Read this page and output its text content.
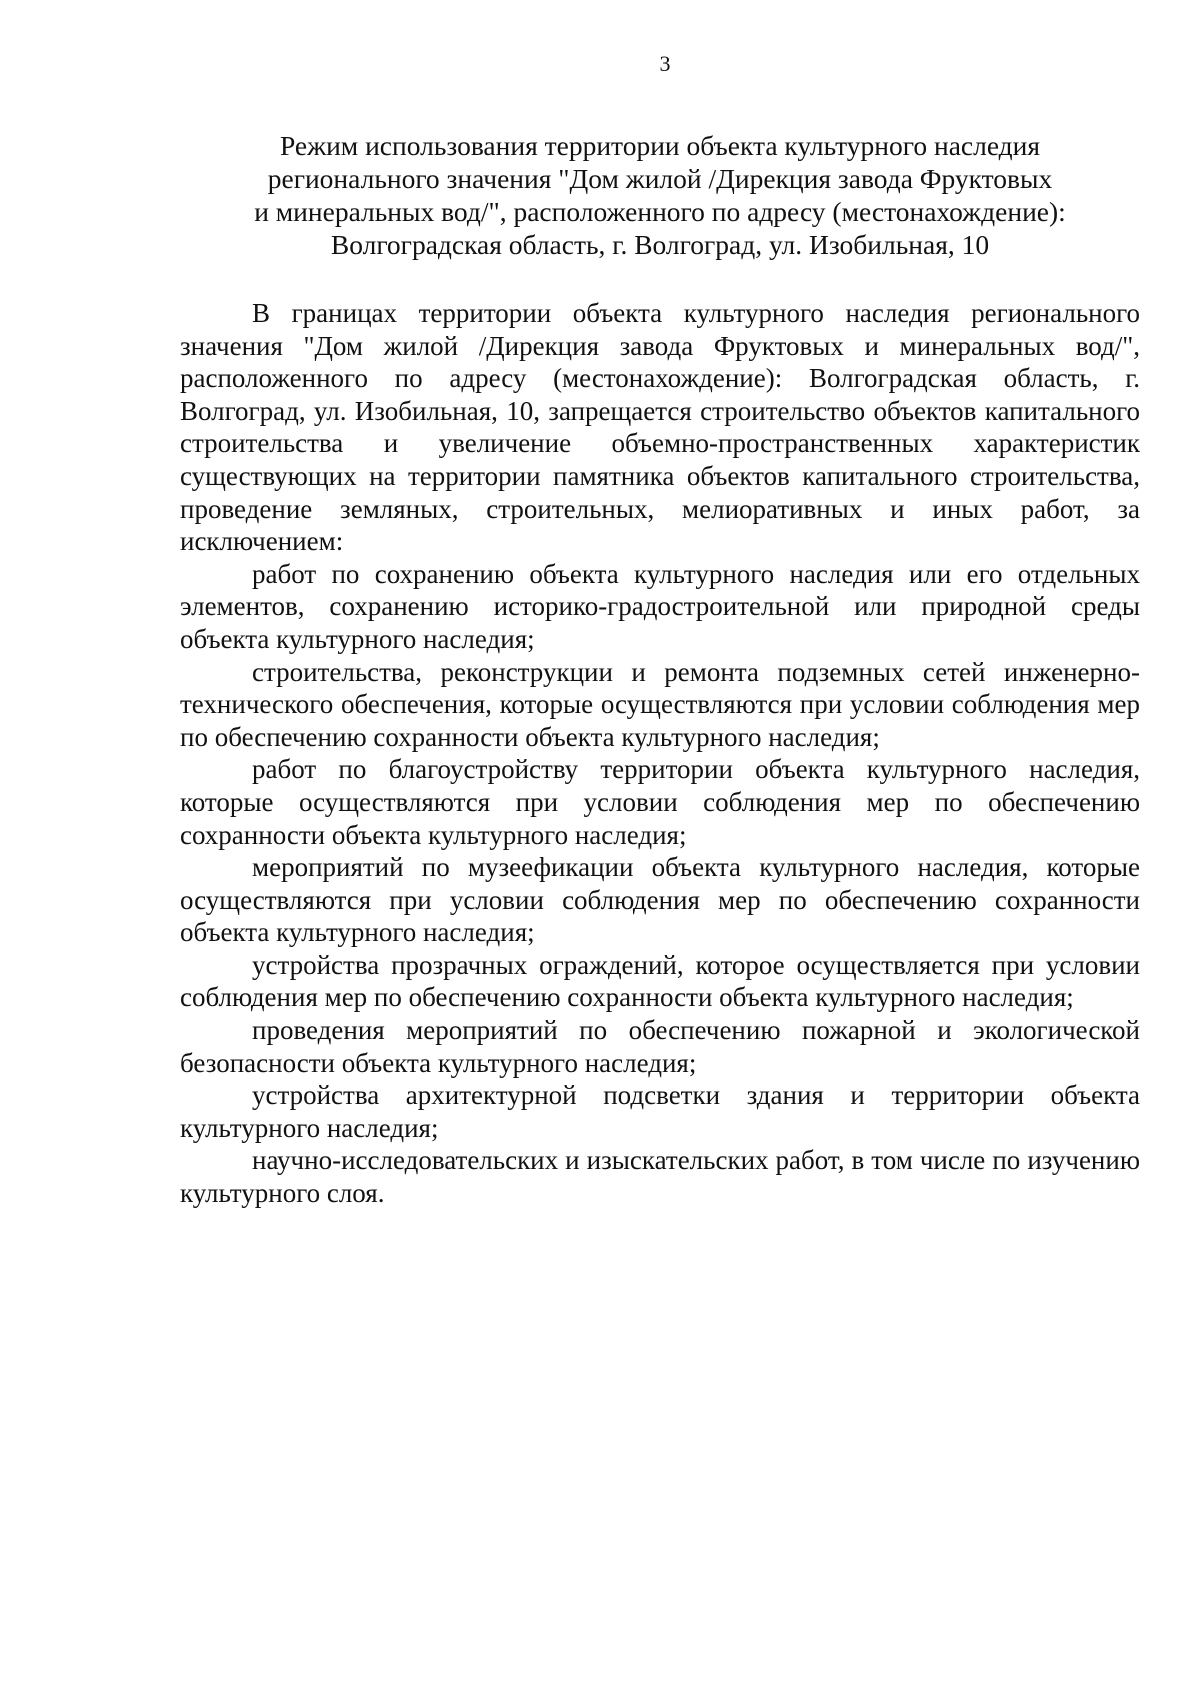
3
Режим использования территории объекта культурного наследия
регионального значения "Дом жилой /Дирекция завода Фруктовых
и минеральных вод/", расположенного по адресу (местонахождение):
Волгоградская область, г. Волгоград, ул. Изобильная, 10

В границах территории объекта культурного наследия регионального значения "Дом жилой /Дирекция завода Фруктовых и минеральных вод/", расположенного по адресу (местонахождение): Волгоградская область, г. Волгоград, ул. Изобильная, 10, запрещается строительство объектов капитального строительства и увеличение объемно-пространственных характеристик существующих на территории памятника объектов капитального строительства, проведение земляных, строительных, мелиоративных и иных работ, за исключением:

работ по сохранению объекта культурного наследия или его отдельных элементов, сохранению историко-градостроительной или природной среды объекта культурного наследия;

строительства, реконструкции и ремонта подземных сетей инженерно-технического обеспечения, которые осуществляются при условии соблюдения мер по обеспечению сохранности объекта культурного наследия;

работ по благоустройству территории объекта культурного наследия, которые осуществляются при условии соблюдения мер по обеспечению сохранности объекта культурного наследия;

мероприятий по музеефикации объекта культурного наследия, которые осуществляются при условии соблюдения мер по обеспечению сохранности объекта культурного наследия;

устройства прозрачных ограждений, которое осуществляется при условии соблюдения мер по обеспечению сохранности объекта культурного наследия;

проведения мероприятий по обеспечению пожарной и экологической безопасности объекта культурного наследия;

устройства архитектурной подсветки здания и территории объекта культурного наследия;

научно-исследовательских и изыскательских работ, в том числе по изучению культурного слоя.
